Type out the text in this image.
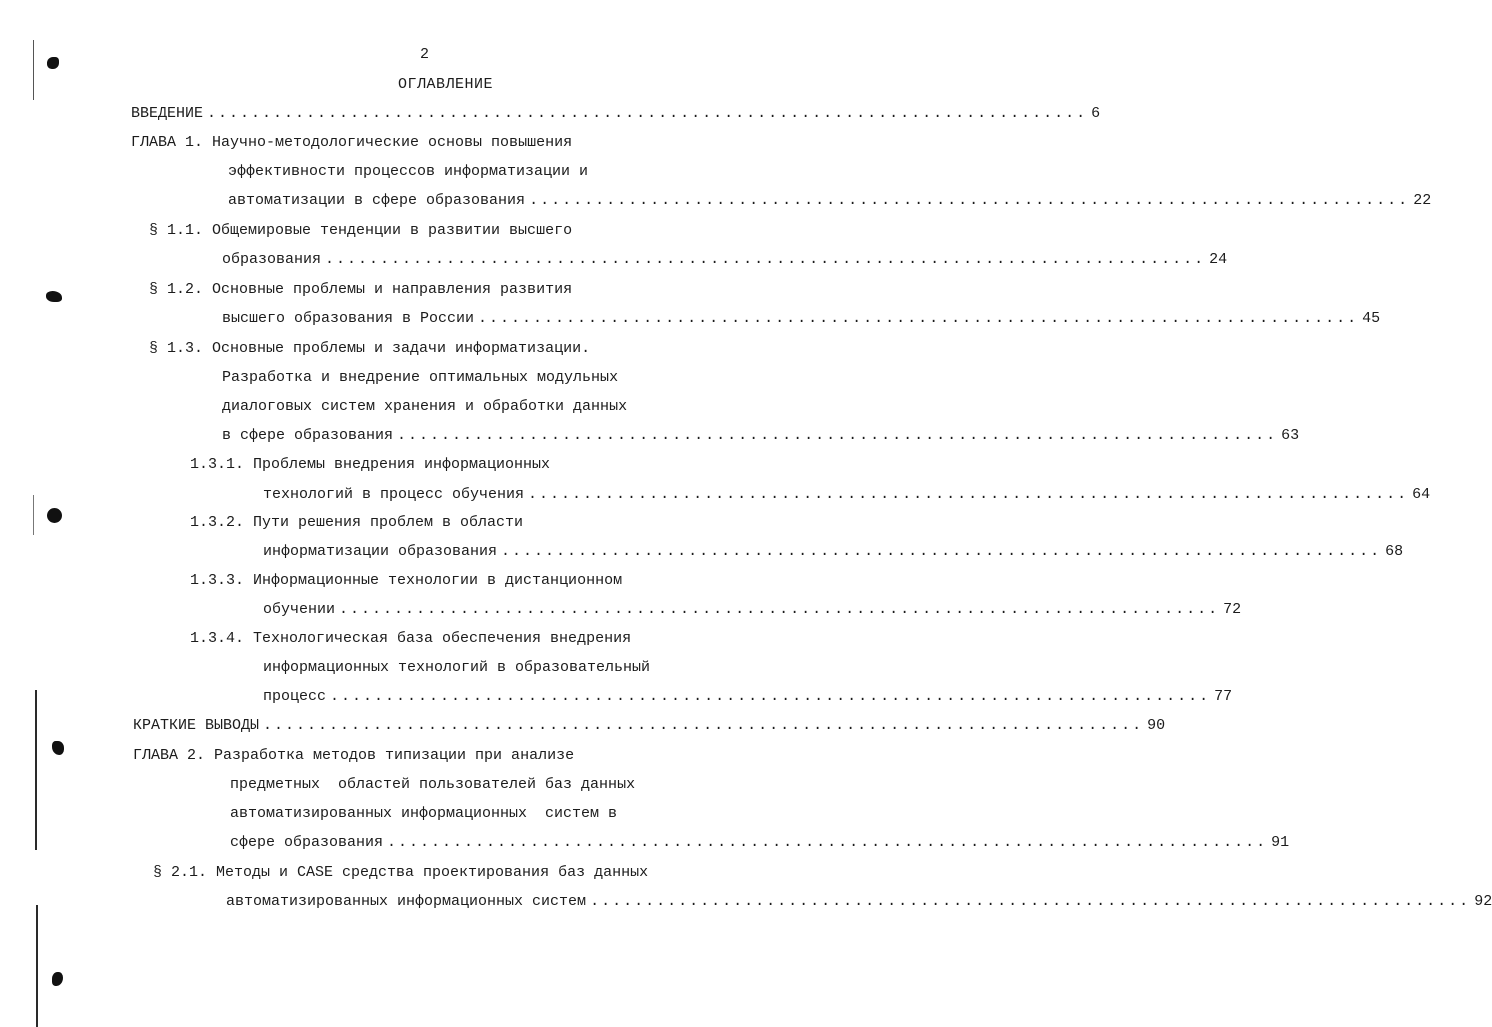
2
ОГЛАВЛЕНИЕ
ВВЕДЕНИЕ ................................................................................ 6
ГЛАВА 1. Научно-методологические основы повышения
эффективности процессов информатизации и
автоматизации в сфере образования ................................................................................ 22
§ 1.1. Общемировые тенденции в развитии высшего
образования ................................................................................ 24
§ 1.2. Основные проблемы и направления развития
высшего образования в России ................................................................................ 45
§ 1.3. Основные проблемы и задачи информатизации.
Разработка и внедрение оптимальных модульных
диалоговых систем хранения и обработки данных
в сфере образования ................................................................................ 63
1.3.1. Проблемы внедрения информационных
технологий в процесс обучения ................................................................................ 64
1.3.2. Пути решения проблем в области
информатизации образования ................................................................................ 68
1.3.3. Информационные технологии в дистанционном
обучении ................................................................................ 72
1.3.4. Технологическая база обеспечения внедрения
информационных технологий в образовательный
процесс ................................................................................ 77
КРАТКИЕ ВЫВОДЫ ................................................................................ 90
ГЛАВА 2. Разработка методов типизации при анализе
предметных  областей пользователей баз данных
автоматизированных информационных  систем в
сфере образования ................................................................................ 91
§ 2.1. Методы и CASE средства проектирования баз данных
автоматизированных информационных систем ................................................................................ 92
